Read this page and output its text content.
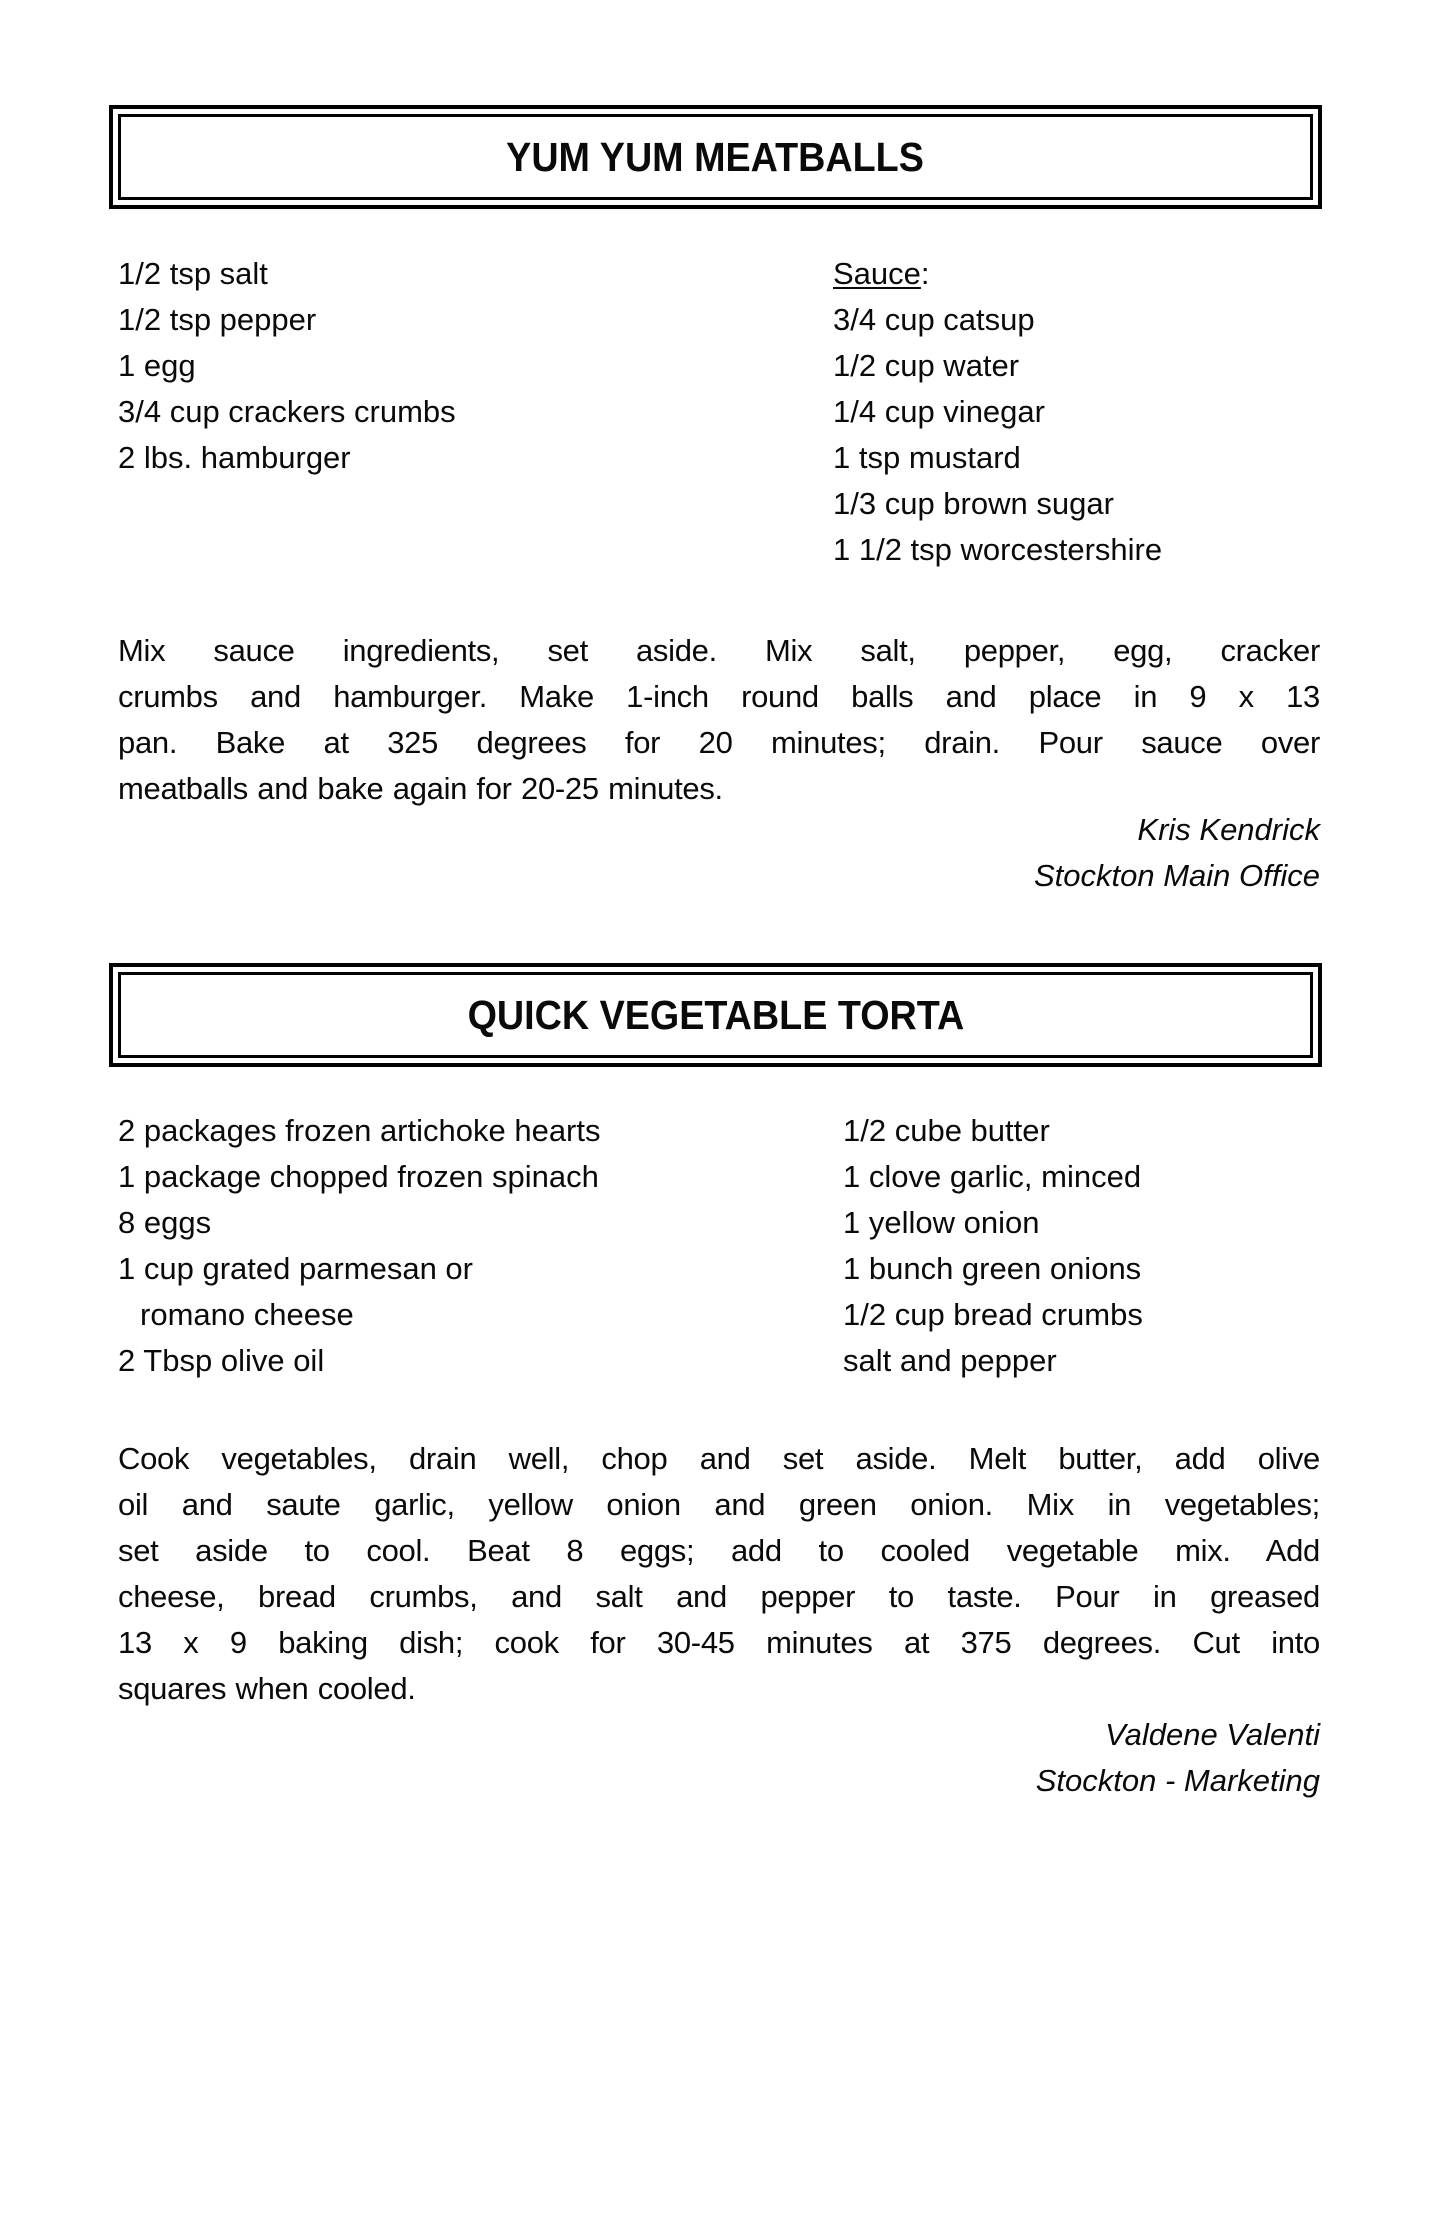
YUM YUM MEATBALLS
1/2 tsp salt
1/2 tsp pepper
1 egg
3/4 cup crackers crumbs
2 lbs. hamburger
Sauce:
3/4 cup catsup
1/2 cup water
1/4 cup vinegar
1 tsp mustard
1/3 cup brown sugar
1 1/2 tsp worcestershire
Mix sauce ingredients, set aside. Mix salt, pepper, egg, cracker
crumbs and hamburger. Make 1-inch round balls and place in 9 x 13
pan. Bake at 325 degrees for 20 minutes; drain. Pour sauce over
meatballs and bake again for 20-25 minutes.
Kris Kendrick
Stockton Main Office
QUICK VEGETABLE TORTA
2 packages frozen artichoke hearts
1 package chopped frozen spinach
8 eggs
1 cup grated parmesan or
romano cheese
2 Tbsp olive oil
1/2 cube butter
1 clove garlic, minced
1 yellow onion
1 bunch green onions
1/2 cup bread crumbs
salt and pepper
Cook vegetables, drain well, chop and set aside. Melt butter, add olive
oil and saute garlic, yellow onion and green onion. Mix in vegetables;
set aside to cool. Beat 8 eggs; add to cooled vegetable mix. Add
cheese, bread crumbs, and salt and pepper to taste. Pour in greased
13 x 9 baking dish; cook for 30-45 minutes at 375 degrees. Cut into
squares when cooled.
Valdene Valenti
Stockton - Marketing
